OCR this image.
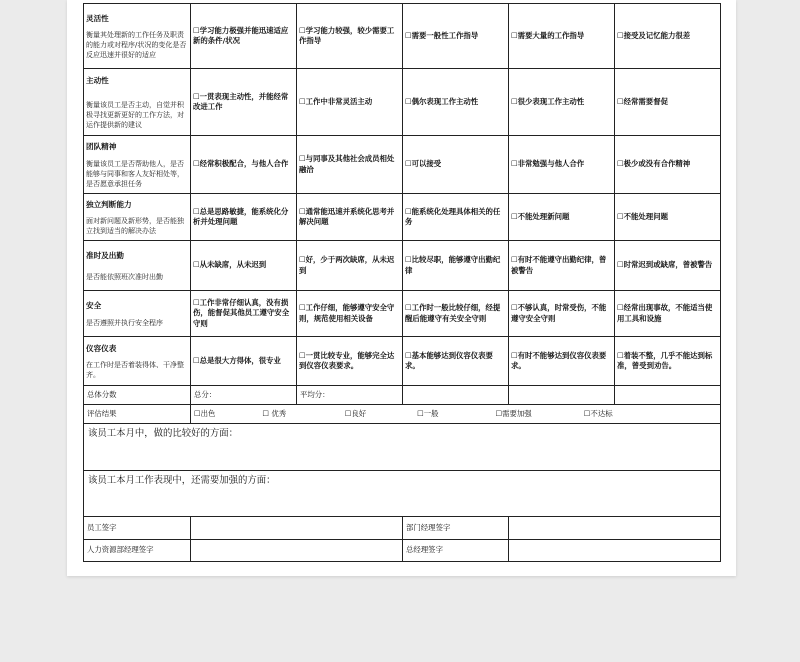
灵活性
衡量其处理新的工作任务及职责的能力或对程序/状况的变化是否反应迅速并很好的适应	☐学习能力极强并能迅速适应新的条件/状况	☐学习能力较强，较少需要工作指导	☐需要一般性工作指导	☐需要大量的工作指导	☐接受及记忆能力很差

主动性
衡量该员工是否主动，自觉并积极寻找更新更好的工作方法，对运作提供新的建议	☐一贯表现主动性，并能经常改进工作	☐工作中非常灵活主动	☐偶尔表现工作主动性	☐很少表现工作主动性	☐经常需要督促

团队精神
衡量该员工是否帮助他人，是否能够与同事和客人友好相处等，是否愿意承担任务	☐经常积极配合，与他人合作	☐与同事及其他社会成员相处融洽	☐可以接受	☐非常勉强与他人合作	☐极少或没有合作精神

独立判断能力
面对新问题及新形势，是否能独立找到适当的解决办法	☐总是思路敏捷，能系统化分析并处理问题	☐通常能迅速并系统化思考并解决问题	☐能系统化处理具体相关的任务	☐不能处理新问题	☐不能处理问题

准时及出勤
是否能依照班次准时出勤	☐从未缺席，从未迟到	☐好，少于两次缺席，从未迟到	☐比较尽职，能够遵守出勤纪律	☐有时不能遵守出勤纪律，曾被警告	☐时常迟到或缺席，曾被警告

安全
是否遵照并执行安全程序	☐工作非常仔细认真，没有损伤，能督促其他员工遵守安全守则	☐工作仔细，能够遵守安全守则，规范使用相关设备	☐工作时一般比较仔细，经提醒后能遵守有关安全守则	☐不够认真，时常受伤，不能遵守安全守则	☐经常出现事故，不能适当使用工具和设施

仪容仪表
在工作时是否着装得体、干净整齐。	☐总是很大方得体，很专业	☐一贯比较专业，能够完全达到仪容仪表要求。	☐基本能够达到仪容仪表要求。	☐有时不能够达到仪容仪表要求。	☐着装不整，几乎不能达到标准，曾受到劝告。
总体分数	总分：	平均分：			
评估结果	☐出色 ☐ 优秀 ☐良好 ☐一般 ☐需要加强 ☐不达标				
该员工本月中，做的比较好的方面：					
该员工本月工作表现中，还需要加强的方面：					
员工签字			部门经理签字		
人力资源部经理签字			总经理签字		
